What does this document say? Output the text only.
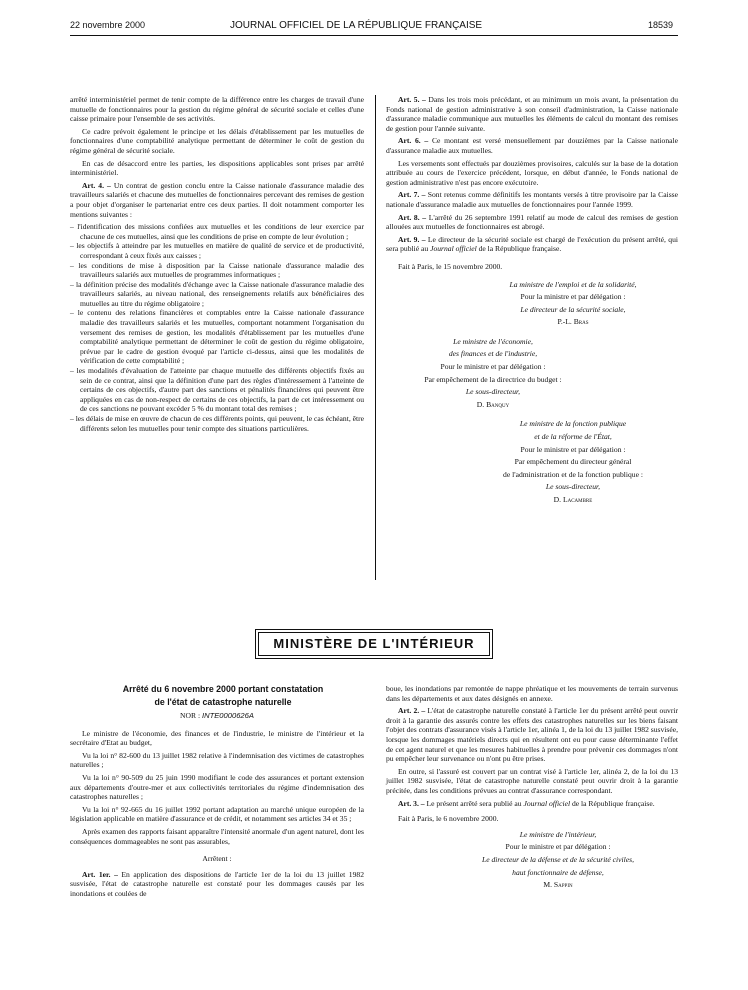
22 novembre 2000	JOURNAL OFFICIEL DE LA RÉPUBLIQUE FRANÇAISE	18539

arrêté interministériel permet de tenir compte de la différence entre les charges de travail d'une mutuelle de fonctionnaires pour la gestion du régime général de sécurité sociale et celles d'une caisse primaire pour l'ensemble de ses activités.

Ce cadre prévoit également le principe et les délais d'établissement par les mutuelles de fonctionnaires d'une comptabilité analytique permettant de déterminer le coût de gestion du régime général de sécurité sociale.

En cas de désaccord entre les parties, les dispositions applicables sont prises par arrêté interministériel.

Art. 4. – Un contrat de gestion conclu entre la Caisse nationale d'assurance maladie des travailleurs salariés et chacune des mutuelles de fonctionnaires percevant des remises de gestion a pour objet d'organiser le partenariat entre ces deux parties. Il doit notamment comporter les mentions suivantes :

– l'identification des missions confiées aux mutuelles et les conditions de leur exercice par chacune de ces mutuelles, ainsi que les conditions de prise en compte de leur évolution ;
– les objectifs à atteindre par les mutuelles en matière de qualité de service et de productivité, correspondant à ceux fixés aux caisses ;
– les conditions de mise à disposition par la Caisse nationale d'assurance maladie des travailleurs salariés aux mutuelles de programmes informatiques ;
– la définition précise des modalités d'échange avec la Caisse nationale d'assurance maladie des travailleurs salariés, au niveau national, des renseignements relatifs aux bénéficiaires des mutuelles au titre du régime obligatoire ;
– le contenu des relations financières et comptables entre la Caisse nationale d'assurance maladie des travailleurs salariés et les mutuelles, comportant notamment l'organisation du versement des remises de gestion, les modalités d'établissement par les mutuelles d'une comptabilité analytique permettant de déterminer le coût de gestion du régime obligatoire, prévue par le cadre de gestion évoqué par l'article ci-dessus, ainsi que les modalités de vérification de cette comptabilité ;
– les modalités d'évaluation de l'atteinte par chaque mutuelle des différents objectifs fixés au sein de ce contrat, ainsi que la définition d'une part des règles d'intéressement à l'atteinte de certains de ces objectifs, d'autre part des sanctions et pénalités financières qui peuvent être appliquées en cas de non-respect de certains de ces objectifs, la part de cet intéressement ou de ces sanctions ne pouvant excéder 5 % du montant total des remises ;
– les délais de mise en œuvre de chacun de ces différents points, qui peuvent, le cas échéant, être différents selon les mutuelles pour tenir compte des situations particulières.

Art. 5. – Dans les trois mois précédant, et au minimum un mois avant, la présentation du Fonds national de gestion administrative à son conseil d'administration, la Caisse nationale d'assurance maladie communique aux mutuelles les éléments de calcul du montant des remises de gestion pour l'année suivante.

Art. 6. – Ce montant est versé mensuellement par douzièmes par la Caisse nationale d'assurance maladie aux mutuelles.

Les versements sont effectués par douzièmes provisoires, calculés sur la base de la dotation attribuée au cours de l'exercice précédent, lorsque, en début d'année, le Fonds national de gestion administrative n'est pas encore exécutoire.

Art. 7. – Sont retenus comme définitifs les montants versés à titre provisoire par la Caisse nationale d'assurance maladie aux mutuelles de fonctionnaires pour l'année 1999.

Art. 8. – L'arrêté du 26 septembre 1991 relatif au mode de calcul des remises de gestion allouées aux mutuelles de fonctionnaires est abrogé.

Art. 9. – Le directeur de la sécurité sociale est chargé de l'exécution du présent arrêté, qui sera publié au Journal officiel de la République française.

Fait à Paris, le 15 novembre 2000.

La ministre de l'emploi et de la solidarité,

Pour la ministre et par délégation :

Le directeur de la sécurité sociale,

P.-L. Bras

Le ministre de l'économie,

des finances et de l'industrie,

Pour le ministre et par délégation :

Par empêchement de la directrice du budget :

Le sous-directeur,

D. Banquy

Le ministre de la fonction publique

et de la réforme de l'État,

Pour le ministre et par délégation :

Par empêchement du directeur général

de l'administration et de la fonction publique :

Le sous-directeur,

D. Lacambre

MINISTÈRE DE L'INTÉRIEUR

Arrêté du 6 novembre 2000 portant constatation

de l'état de catastrophe naturelle

NOR : INTE0000626A

Le ministre de l'économie, des finances et de l'industrie, le ministre de l'intérieur et la secrétaire d'Etat au budget,

Vu la loi n° 82-600 du 13 juillet 1982 relative à l'indemnisation des victimes de catastrophes naturelles ;

Vu la loi n° 90-509 du 25 juin 1990 modifiant le code des assurances et portant extension aux départements d'outre-mer et aux collectivités territoriales du régime d'indemnisation des catastrophes naturelles ;

Vu la loi n° 92-665 du 16 juillet 1992 portant adaptation au marché unique européen de la législation applicable en matière d'assurance et de crédit, et notamment ses articles 34 et 35 ;

Après examen des rapports faisant apparaître l'intensité anormale d'un agent naturel, dont les conséquences dommageables ne sont pas assurables,

Arrêtent :

Art. 1er. – En application des dispositions de l'article 1er de la loi du 13 juillet 1982 susvisée, l'état de catastrophe naturelle est constaté pour les dommages causés par les inondations et coulées de

boue, les inondations par remontée de nappe phréatique et les mouvements de terrain survenus dans les départements et aux dates désignés en annexe.

Art. 2. – L'état de catastrophe naturelle constaté à l'article 1er du présent arrêté peut ouvrir droit à la garantie des assurés contre les effets des catastrophes naturelles sur les biens faisant l'objet des contrats d'assurance visés à l'article 1er, alinéa 1, de la loi du 13 juillet 1982 susvisée, lorsque les dommages matériels directs qui en résultent ont eu pour cause déterminante l'effet de cet agent naturel et que les mesures habituelles à prendre pour prévenir ces dommages n'ont pu empêcher leur survenance ou n'ont pu être prises.

En outre, si l'assuré est couvert par un contrat visé à l'article 1er, alinéa 2, de la loi du 13 juillet 1982 susvisée, l'état de catastrophe naturelle constaté peut ouvrir droit à la garantie précitée, dans les conditions prévues au contrat d'assurance correspondant.

Art. 3. – Le présent arrêté sera publié au Journal officiel de la République française.

Fait à Paris, le 6 novembre 2000.

Le ministre de l'intérieur,

Pour le ministre et par délégation :

Le directeur de la défense et de la sécurité civiles,

haut fonctionnaire de défense,

M. Sappin
